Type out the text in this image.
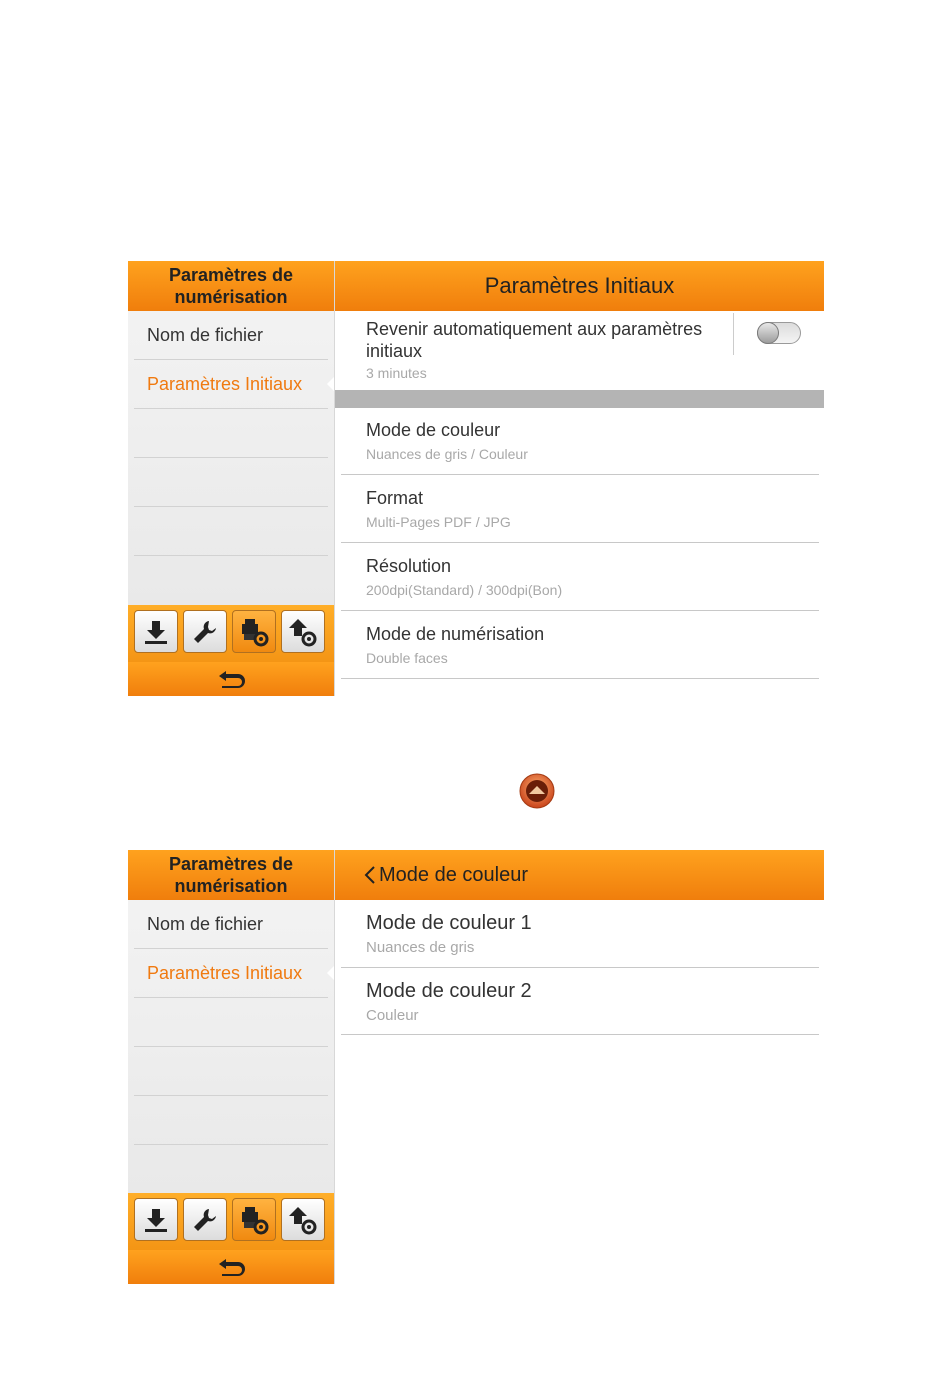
Paramètres de
numérisation
Nom de fichier
Paramètres Initiaux
Paramètres Initiaux
Revenir automatiquement aux paramètres
initiaux
3 minutes
Mode de couleur
Nuances de gris / Couleur
Format
Multi-Pages PDF / JPG
Résolution
200dpi(Standard) / 300dpi(Bon)
Mode de numérisation
Double faces
Paramètres de
numérisation
Nom de fichier
Paramètres Initiaux
Mode de couleur
Mode de couleur 1
Nuances de gris
Mode de couleur 2
Couleur
